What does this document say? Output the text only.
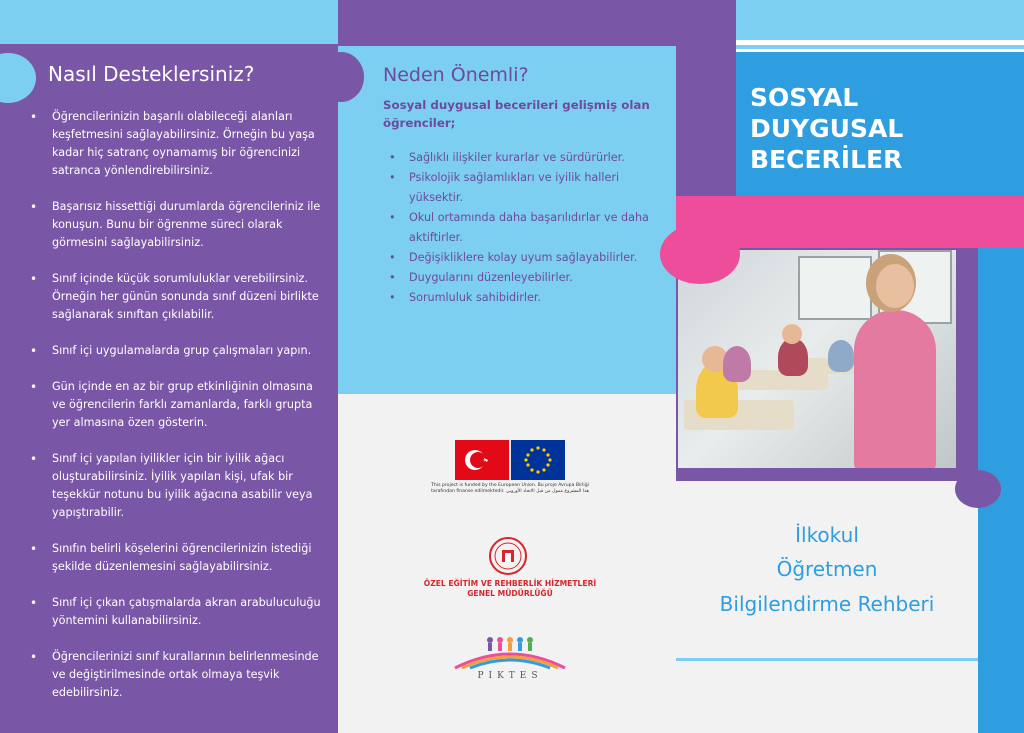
Nasıl Desteklersiniz?
• Öğrencilerinizin başarılı olabileceği alanları keşfetmesini sağlayabilirsiniz. Örneğin bu yaşa kadar hiç satranç oynamamış bir öğrencinizi satranca yönlendirebilirsiniz.
• Başarısız hissettiği durumlarda öğrencileriniz ile konuşun. Bunu bir öğrenme süreci olarak görmesini sağlayabilirsiniz.
• Sınıf içinde küçük sorumluluklar verebilirsiniz. Örneğin her günün sonunda sınıf düzeni birlikte sağlanarak sınıftan çıkılabilir.
• Sınıf içi uygulamalarda grup çalışmaları yapın.
• Gün içinde en az bir grup etkinliğinin olmasına ve öğrencilerin farklı zamanlarda, farklı grupta yer almasına özen gösterin.
• Sınıf içi yapılan iyilikler için bir iyilik ağacı oluşturabilirsiniz. İyilik yapılan kişi, ufak bir teşekkür notunu bu iyilik ağacına asabilir veya yapıştırabilir.
• Sınıfın belirli köşelerini öğrencilerinizin istediği şekilde düzenlemesini sağlayabilirsiniz.
• Sınıf içi çıkan çatışmalarda akran arabuluculuğu yöntemini kullanabilirsiniz.
• Öğrencilerinizi sınıf kurallarının belirlenmesinde ve değiştirilmesinde ortak olmaya teşvik edebilirsiniz.
Neden Önemli?
Sosyal duygusal becerileri gelişmiş olan öğrenciler;
• Sağlıklı ilişkiler kurarlar ve sürdürürler.
• Psikolojik sağlamlıkları ve iyilik halleri yüksektir.
• Okul ortamında daha başarılıdırlar ve daha aktiftirler.
• Değişikliklere kolay uyum sağlayabilirler.
• Duygularını düzenleyebilirler.
• Sorumluluk sahibidirler.
This project is funded by the European Union. Bu proje Avrupa Birliği tarafından finanse edilmektedir. هذا المشروع ممول من قبل الاتحاد الأوروبي
ÖZEL EĞİTİM VE REHBERLİK HİZMETLERİ GENEL MÜDÜRLÜĞÜ
PIKTES
SOSYAL
DUYGUSAL
BECERİLER
İlkokul
Öğretmen
Bilgilendirme Rehberi
